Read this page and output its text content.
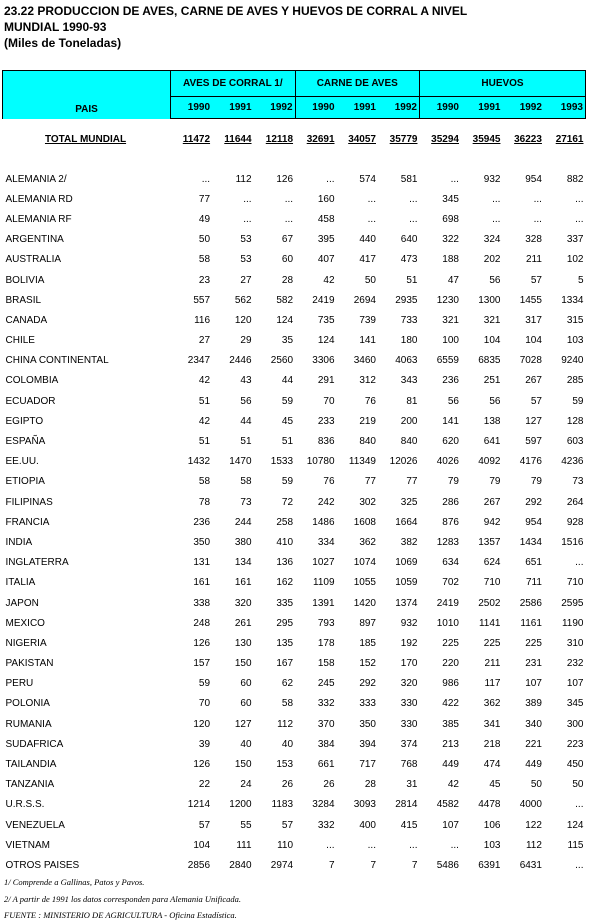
23.22 PRODUCCION DE AVES, CARNE DE AVES Y HUEVOS DE CORRAL A NIVEL
MUNDIAL 1990-93
(Miles de Toneladas)
PAIS	AVES DE CORRAL 1/			CARNE DE AVES			HUEVOS			
	1990	1991	1992	1990	1991	1992	1990	1991	1992	1993

TOTAL MUNDIAL	11472	11644	12118	32691	34057	35779	35294	35945	36223	27161

ALEMANIA 2/	...	112	126	...	574	581	...	932	954	882
ALEMANIA RD	77	...	...	160	...	...	345	...	...	...
ALEMANIA RF	49	...	...	458	...	...	698	...	...	...
ARGENTINA	50	53	67	395	440	640	322	324	328	337
AUSTRALIA	58	53	60	407	417	473	188	202	211	102
BOLIVIA	23	27	28	42	50	51	47	56	57	5
BRASIL	557	562	582	2419	2694	2935	1230	1300	1455	1334
CANADA	116	120	124	735	739	733	321	321	317	315
CHILE	27	29	35	124	141	180	100	104	104	103
CHINA CONTINENTAL	2347	2446	2560	3306	3460	4063	6559	6835	7028	9240
COLOMBIA	42	43	44	291	312	343	236	251	267	285
ECUADOR	51	56	59	70	76	81	56	56	57	59
EGIPTO	42	44	45	233	219	200	141	138	127	128
ESPAÑA	51	51	51	836	840	840	620	641	597	603
EE.UU.	1432	1470	1533	10780	11349	12026	4026	4092	4176	4236
ETIOPIA	58	58	59	76	77	77	79	79	79	73
FILIPINAS	78	73	72	242	302	325	286	267	292	264
FRANCIA	236	244	258	1486	1608	1664	876	942	954	928
INDIA	350	380	410	334	362	382	1283	1357	1434	1516
INGLATERRA	131	134	136	1027	1074	1069	634	624	651	...
ITALIA	161	161	162	1109	1055	1059	702	710	711	710
JAPON	338	320	335	1391	1420	1374	2419	2502	2586	2595
MEXICO	248	261	295	793	897	932	1010	1141	1161	1190
NIGERIA	126	130	135	178	185	192	225	225	225	310
PAKISTAN	157	150	167	158	152	170	220	211	231	232
PERU	59	60	62	245	292	320	986	117	107	107
POLONIA	70	60	58	332	333	330	422	362	389	345
RUMANIA	120	127	112	370	350	330	385	341	340	300
SUDAFRICA	39	40	40	384	394	374	213	218	221	223
TAILANDIA	126	150	153	661	717	768	449	474	449	450
TANZANIA	22	24	26	26	28	31	42	45	50	50
U.R.S.S.	1214	1200	1183	3284	3093	2814	4582	4478	4000	...
VENEZUELA	57	55	57	332	400	415	107	106	122	124
VIETNAM	104	111	110	...	...	...	...	103	112	115
OTROS PAISES	2856	2840	2974	7	7	7	5486	6391	6431	...
1/ Comprende a Gallinas, Patos y Pavos.
2/ A partir de 1991 los datos corresponden para Alemania Unificada.
FUENTE : MINISTERIO DE AGRICULTURA - Oficina Estadística.
